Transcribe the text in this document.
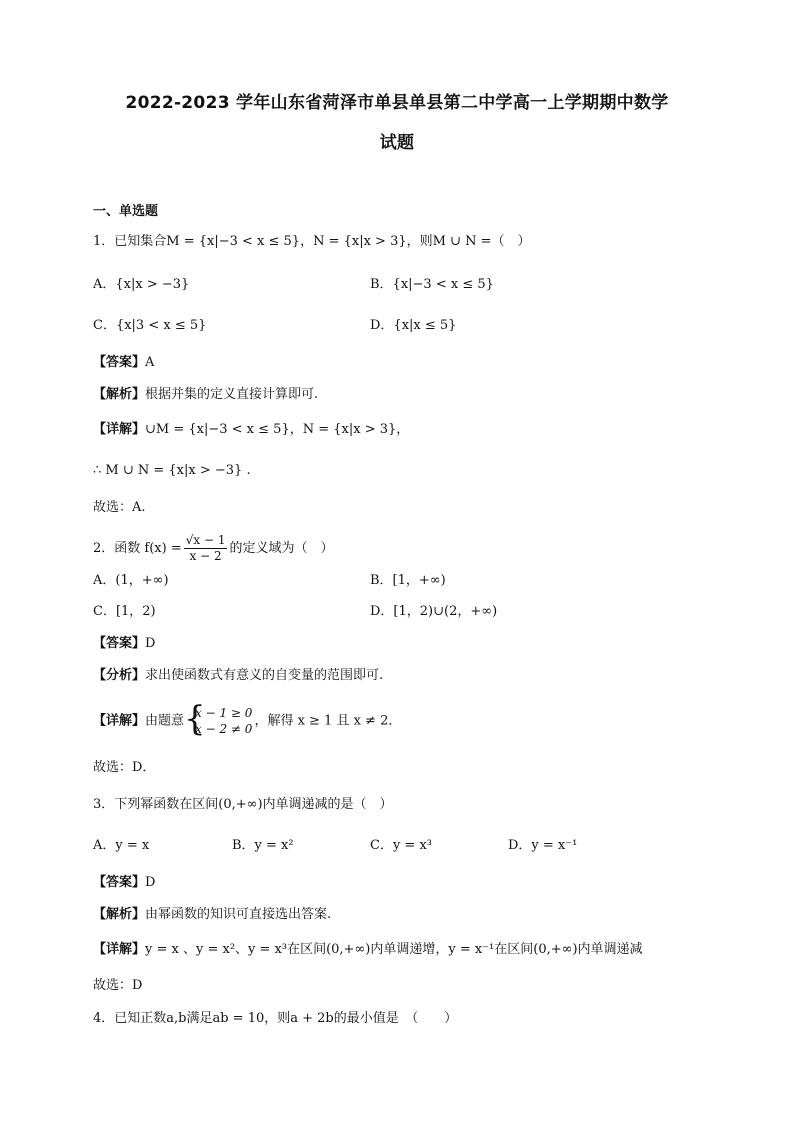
2022-2023 学年山东省菏泽市单县单县第二中学高一上学期期中数学
试题
一、单选题
1．已知集合M = {x|−3 < x ≤ 5}，N = {x|x > 3}，则M ∪ N =（　）
A．{x|x > −3}	B．{x|−3 < x ≤ 5}
C．{x|3 < x ≤ 5}	D．{x|x ≤ 5}
【答案】A
【解析】根据并集的定义直接计算即可.
【详解】∪M = {x|−3 < x ≤ 5}，N = {x|x > 3}，
∴ M ∪ N = {x|x > −3} .
故选：A.
2．函数 $f(x) = \frac{√x - 1}{x - 2}$ 的定义域为（　）
A．(1，+∞)	B．[1，+∞)
C．[1，2)	D．[1，2)∪(2，+∞)
【答案】D
【分析】求出使函数式有意义的自变量的范围即可.
【详解】由题意
{ x − 1 ≥ 0
x − 2 ≠ 0
，解得 x ≥ 1 且 x ≠ 2．
故选：D．
3．下列幂函数在区间(0,+∞)内单调递减的是（　）
A．y = x	B．y = x²	C．y = x³	D．y = x⁻¹
【答案】D
【解析】由幂函数的知识可直接选出答案.
【详解】y = x 、y = x²、y = x³在区间(0,+∞)内单调递增，y = x⁻¹在区间(0,+∞)内单调递减
故选：D
4．已知正数a,b满足ab = 10，则a + 2b的最小值是　（　　）
